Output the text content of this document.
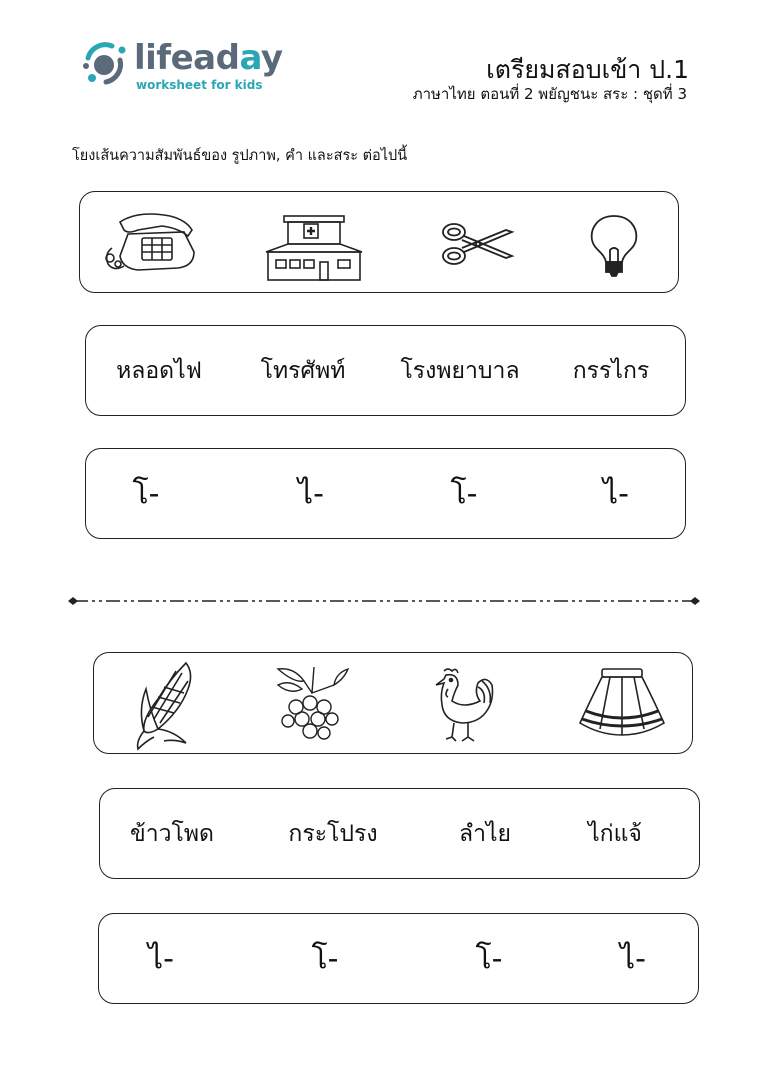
lifeaday
worksheet for kids
เตรียมสอบเข้า ป.1
ภาษาไทย ตอนที่ 2 พยัญชนะ สระ : ชุดที่ 3
โยงเส้นความสัมพันธ์ของ รูปภาพ, คำ และสระ ต่อไปนี้
หลอดไฟ	โทรศัพท์ โรงพยาบาล กรรไกร
โ-	ไ-	โ-	ไ-
ข้าวโพด	กระโปรง	ลำไย	ไก่แจ้
ไ-	โ-	โ-	ไ-
